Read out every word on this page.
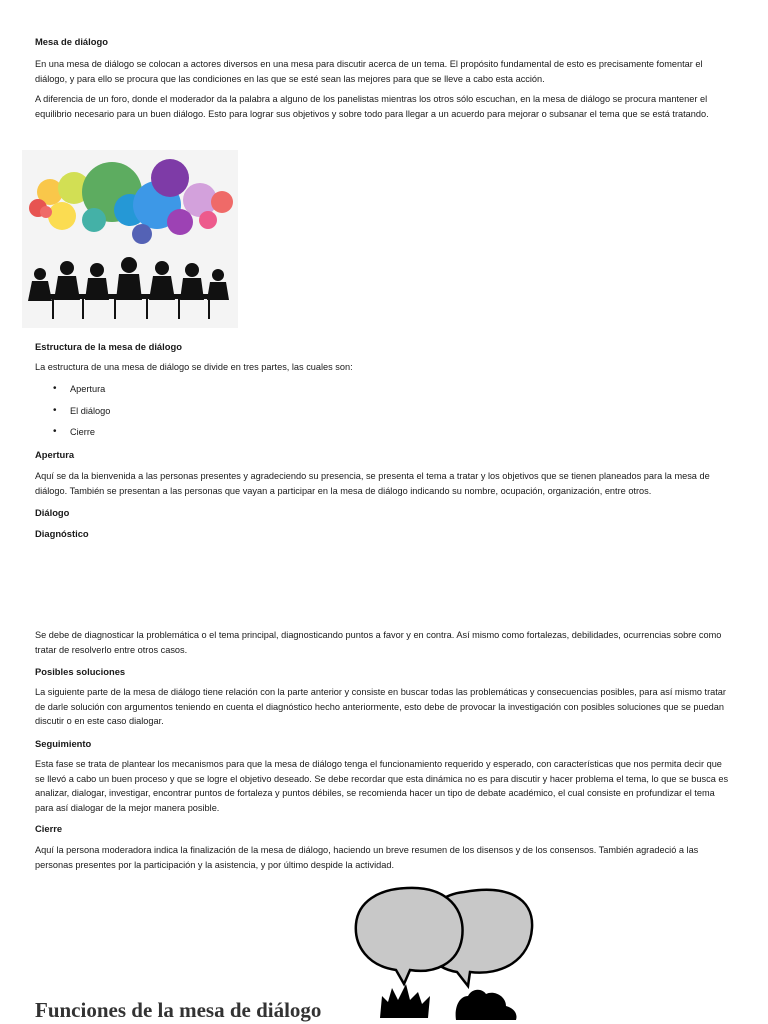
Mesa de diálogo

En una mesa de diálogo se colocan a actores diversos en una mesa para discutir acerca de un tema. El propósito fundamental de esto es precisamente fomentar el diálogo, y para ello se procura que las condiciones en las que se esté sean las mejores para que se lleve a cabo esta acción.

A diferencia de un foro, donde el moderador da la palabra a alguno de los panelistas mientras los otros sólo escuchan, en la mesa de diálogo se procura mantener el equilibrio necesario para un buen diálogo. Esto para lograr sus objetivos y sobre todo para llegar a un acuerdo para mejorar o subsanar el tema que se está tratando.

Estructura de la mesa de diálogo

La estructura de una mesa de diálogo se divide en tres partes, las cuales son:

• Apertura
• El diálogo
• Cierre
Apertura

Aquí se da la bienvenida a las personas presentes y agradeciendo su presencia, se presenta el tema a tratar y los objetivos que se tienen planeados para la mesa de diálogo. También se presentan a las personas que vayan a participar en la mesa de diálogo indicando su nombre, ocupación, organización, entre otros.

Diálogo
Diagnóstico

Se debe de diagnosticar la problemática o el tema principal, diagnosticando puntos a favor y en contra. Así mismo como fortalezas, debilidades, ocurrencias sobre como tratar de resolverlo entre otros casos.

Posibles soluciones

La siguiente parte de la mesa de diálogo tiene relación con la parte anterior y consiste en buscar todas las problemáticas y consecuencias posibles, para así mismo tratar de darle solución con argumentos teniendo en cuenta el diagnóstico hecho anteriormente, esto debe de provocar la investigación con posibles soluciones que se puedan discutir o en este caso dialogar.

Seguimiento

Esta fase se trata de plantear los mecanismos para que la mesa de diálogo tenga el funcionamiento requerido y esperado, con características que nos permita decir que se llevó a cabo un buen proceso y que se logre el objetivo deseado. Se debe recordar que esta dinámica no es para discutir y hacer problema el tema, lo que se busca es analizar, dialogar, investigar, encontrar puntos de fortaleza y puntos débiles, se recomienda hacer un tipo de debate académico, el cual consiste en profundizar el tema para así dialogar de la mejor manera posible.

Cierre

Aquí la persona moderadora indica la finalización de la mesa de diálogo, haciendo un breve resumen de los disensos y de los consensos. También agradeció a las personas presentes por la participación y la asistencia, y por último despide la actividad.

Funciones de la mesa de diálogo
